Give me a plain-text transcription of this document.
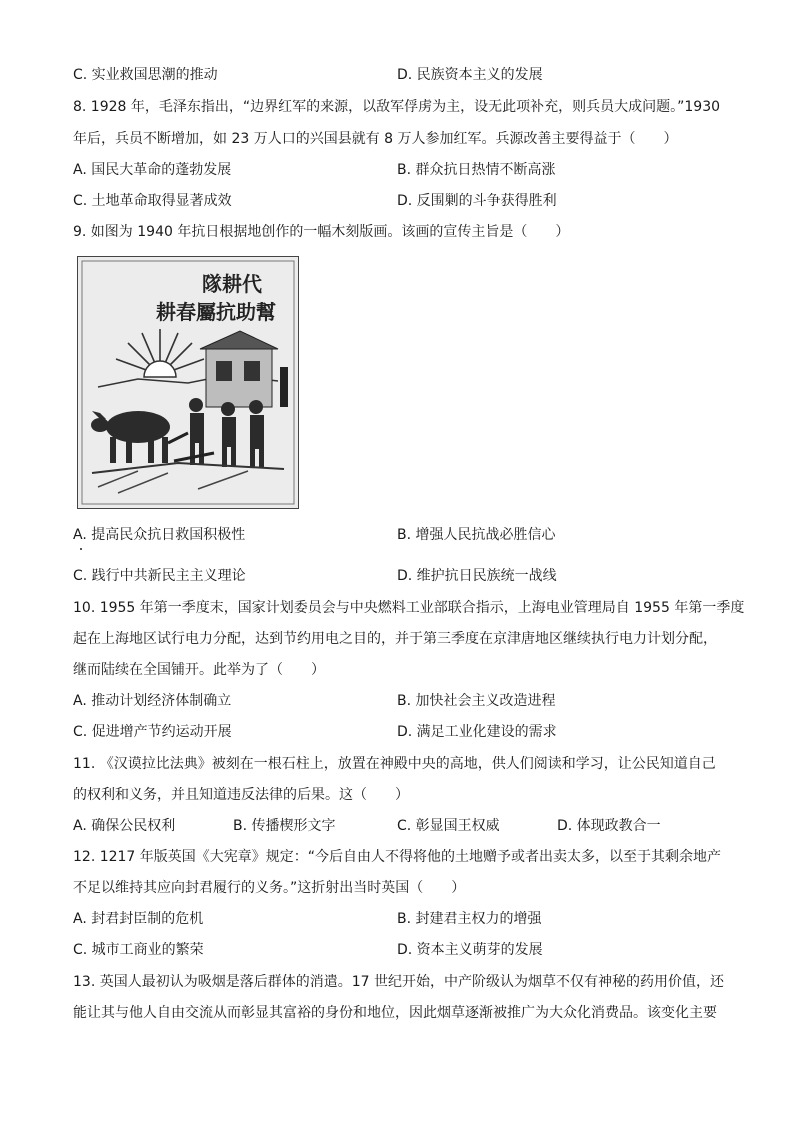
C. 实业救国思潮的推动	D. 民族资本主义的发展
8. 1928 年，毛泽东指出，“边界红军的来源，以敌军俘虏为主，设无此项补充，则兵员大成问题。”1930
年后，兵员不断增加，如 23 万人口的兴国县就有 8 万人参加红军。兵源改善主要得益于（　　）
A. 国民大革命的蓬勃发展	B. 群众抗日热情不断高涨
C. 土地革命取得显著成效	D. 反围剿的斗争获得胜利
9. 如图为 1940 年抗日根据地创作的一幅木刻版画。该画的宣传主旨是（　　）
隊耕代
耕春屬抗助幫
A. 提高民众抗日救国积极性	B. 增强人民抗战必胜信心
C. 践行中共新民主主义理论	D. 维护抗日民族统一战线
10. 1955 年第一季度末，国家计划委员会与中央燃料工业部联合指示，上海电业管理局自 1955 年第一季度
起在上海地区试行电力分配，达到节约用电之目的，并于第三季度在京津唐地区继续执行电力计划分配，
继而陆续在全国铺开。此举为了（　　）
A. 推动计划经济体制确立	B. 加快社会主义改造进程
C. 促进增产节约运动开展	D. 满足工业化建设的需求
11. 《汉谟拉比法典》被刻在一根石柱上，放置在神殿中央的高地，供人们阅读和学习，让公民知道自己
的权利和义务，并且知道违反法律的后果。这（　　）
A. 确保公民权利	B. 传播楔形文字	C. 彰显国王权威	D. 体现政教合一
12. 1217 年版英国《大宪章》规定：“今后自由人不得将他的土地赠予或者出卖太多，以至于其剩余地产
不足以维持其应向封君履行的义务。”这折射出当时英国（　　）
A. 封君封臣制的危机	B. 封建君主权力的增强
C. 城市工商业的繁荣	D. 资本主义萌芽的发展
13. 英国人最初认为吸烟是落后群体的消遣。17 世纪开始，中产阶级认为烟草不仅有神秘的药用价值，还
能让其与他人自由交流从而彰显其富裕的身份和地位，因此烟草逐渐被推广为大众化消费品。该变化主要
